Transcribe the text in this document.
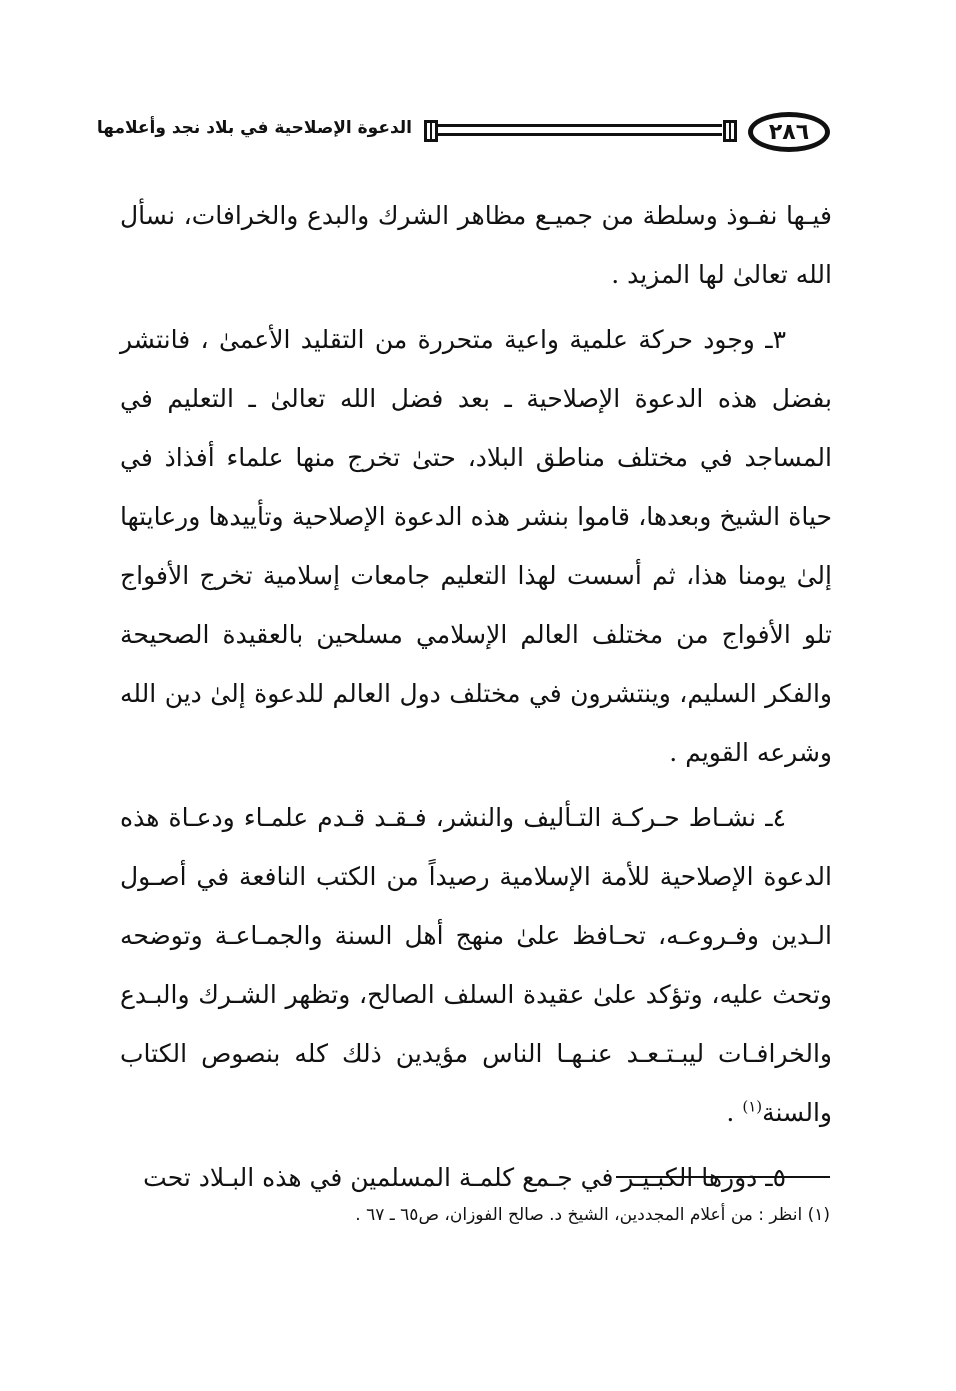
٢٨٦
الدعوة الإصلاحية في بلاد نجد وأعلامها

فيـها نفـوذ وسلطة من جميـع مظاهر الشرك والبدع والخرافات، نسأل الله تعالىٰ لها المزيد .

٣ـ وجود حركة علمية واعية متحررة من التقليد الأعمىٰ ، فانتشر بفضل هذه الدعوة الإصلاحية ـ بعد فضل الله تعالىٰ ـ التعليم في المساجد في مختلف مناطق البلاد، حتىٰ تخرج منها علماء أفذاذ في حياة الشيخ وبعدها، قاموا بنشر هذه الدعوة الإصلاحية وتأييدها ورعايتها إلىٰ يومنا هذا، ثم أسست لهذا التعليم جامعات إسلامية تخرج الأفواج تلو الأفواج من مختلف العالم الإسلامي مسلحين بالعقيدة الصحيحة والفكر السليم، وينتشرون في مختلف دول العالم للدعوة إلىٰ دين الله وشرعه القويم .

٤ـ نشـاط حـركـة التـأليف والنشر، فـقـد قـدم علمـاء ودعـاة هذه الدعوة الإصلاحية للأمة الإسلامية رصيداً من الكتب النافعة في أصـول الـدين وفـروعـه، تحـافظ علىٰ منهج أهل السنة والجمـاعـة وتوضحه وتحث عليه، وتؤكد علىٰ عقيدة السلف الصالح، وتظهر الشـرك والبـدع والخرافـات ليبـتـعـد عنـهـا الناس مؤيدين ذلك كله بنصوص الكتاب والسنة$^{(١)}$ .

٥ـ دورها الكبـيـر في جـمع كلمـة المسلمين في هذه البـلاد تحت

(١) انظر : من أعلام المجددين، الشيخ د. صالح الفوزان، ص٦٥ ـ ٦٧ .
